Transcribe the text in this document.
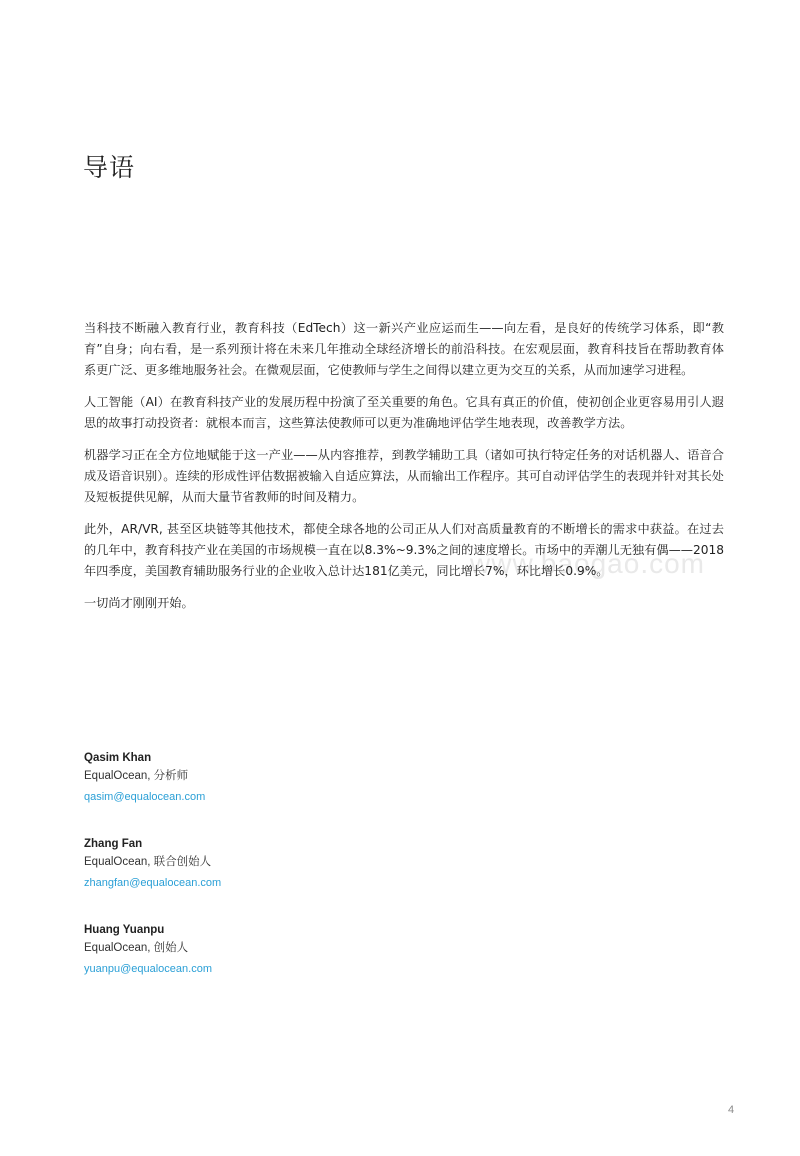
导语
www.baogao.com

当科技不断融入教育行业，教育科技（EdTech）这一新兴产业应运而生——向左看，是良好的传统学习体系，即“教育”自身；向右看，是一系列预计将在未来几年推动全球经济增长的前沿科技。在宏观层面，教育科技旨在帮助教育体系更广泛、更多维地服务社会。在微观层面，它使教师与学生之间得以建立更为交互的关系，从而加速学习进程。

人工智能（AI）在教育科技产业的发展历程中扮演了至关重要的角色。它具有真正的价值，使初创企业更容易用引人遐思的故事打动投资者：就根本而言，这些算法使教师可以更为准确地评估学生地表现，改善教学方法。

机器学习正在全方位地赋能于这一产业——从内容推荐，到教学辅助工具（诸如可执行特定任务的对话机器人、语音合成及语音识别）。连续的形成性评估数据被输入自适应算法，从而输出工作程序。其可自动评估学生的表现并针对其长处及短板提供见解，从而大量节省教师的时间及精力。

此外，AR/VR, 甚至区块链等其他技术，都使全球各地的公司正从人们对高质量教育的不断增长的需求中获益。在过去的几年中，教育科技产业在美国的市场规模一直在以8.3%~9.3%之间的速度增长。市场中的弄潮儿无独有偶——2018年四季度，美国教育辅助服务行业的企业收入总计达181亿美元，同比增长7%，环比增长0.9%。

一切尚才刚刚开始。

Qasim Khan
EqualOcean, 分析师
qasim@equalocean.com
Zhang Fan
EqualOcean, 联合创始人
zhangfan@equalocean.com
Huang Yuanpu
EqualOcean, 创始人
yuanpu@equalocean.com
4
